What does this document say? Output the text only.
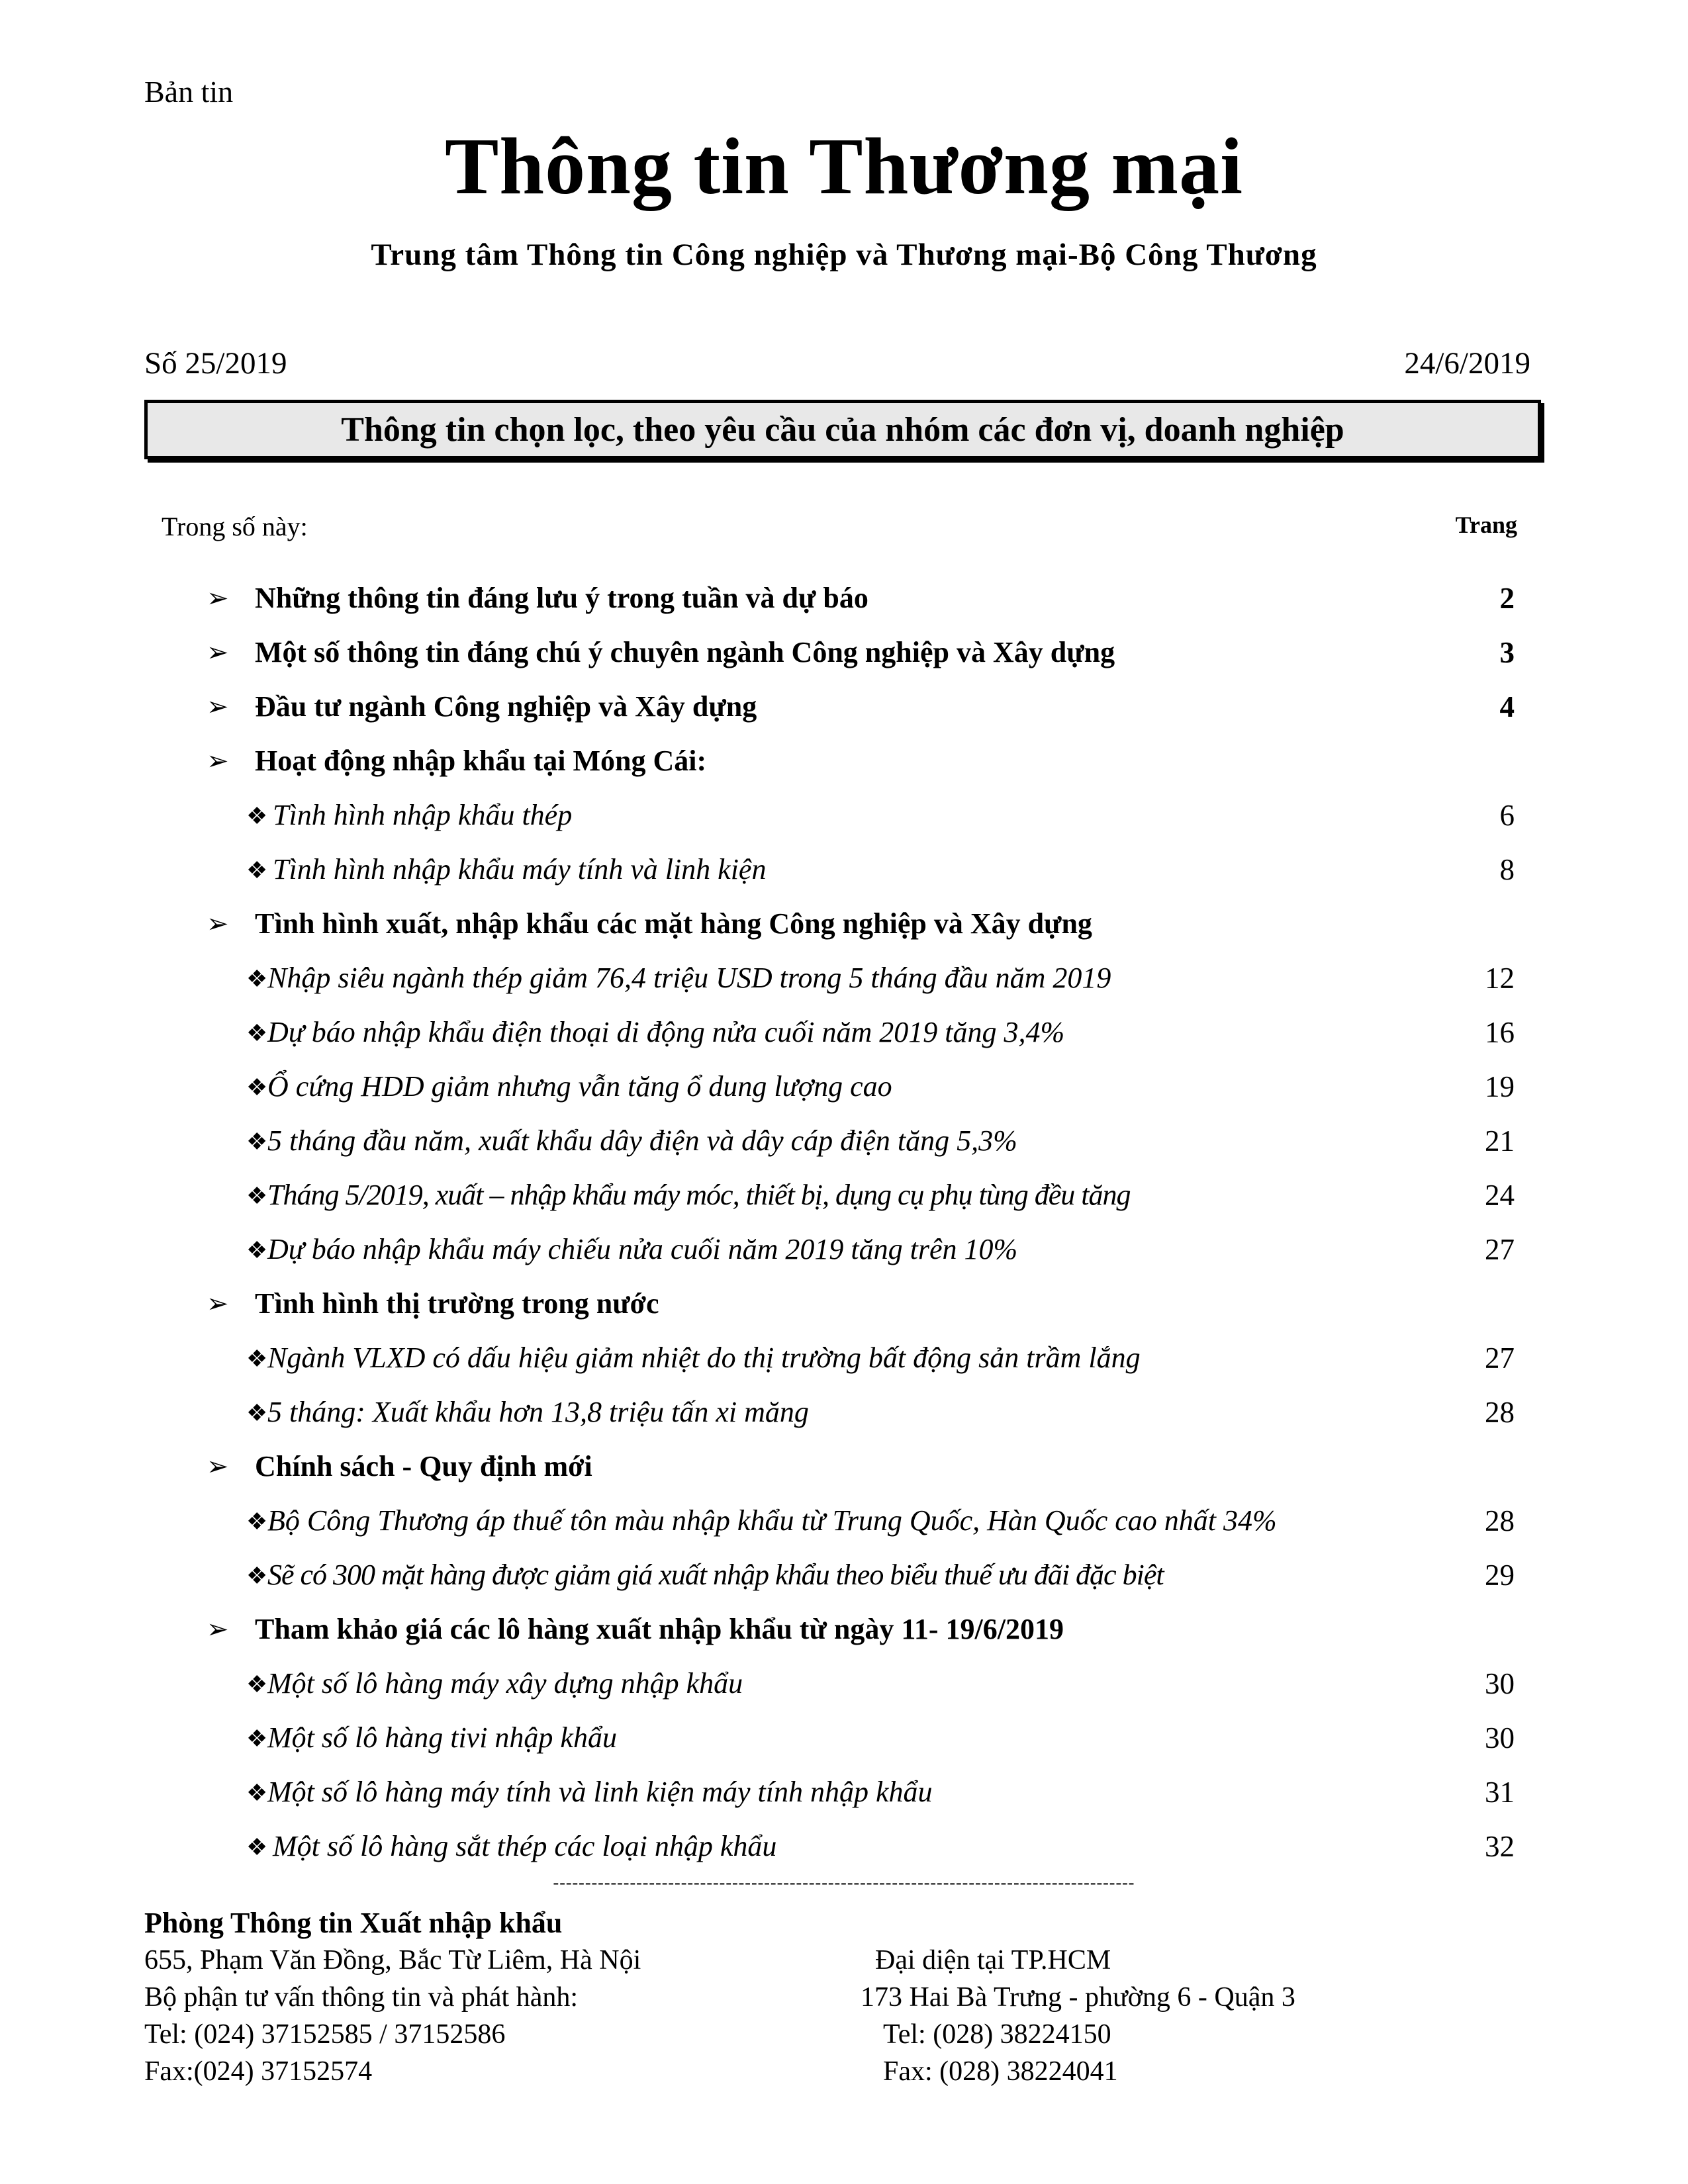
Bản tin
Thông tin Thương mại
Trung tâm Thông tin Công nghiệp và Thương mại-Bộ Công Thương
Số 25/2019	24/6/2019
Thông tin chọn lọc, theo yêu cầu của nhóm các đơn vị, doanh nghiệp
Trong số này:	Trang
➢ Những thông tin đáng lưu ý trong tuần và dự báo	2
➢ Một số thông tin đáng chú ý chuyên ngành Công nghiệp và Xây dựng	3
➢ Đầu tư ngành Công nghiệp và Xây dựng	4
➢ Hoạt động nhập khẩu tại Móng Cái:
❖ Tình hình nhập khẩu thép	6
❖ Tình hình nhập khẩu máy tính và linh kiện	8
➢ Tình hình xuất, nhập khẩu các mặt hàng Công nghiệp và Xây dựng
❖ Nhập siêu ngành thép giảm 76,4 triệu USD trong 5 tháng đầu năm 2019	12
❖ Dự báo nhập khẩu điện thoại di động nửa cuối năm 2019 tăng 3,4%	16
❖ Ổ cứng HDD giảm nhưng vẫn tăng ổ dung lượng cao	19
❖ 5 tháng đầu năm, xuất khẩu dây điện và dây cáp điện tăng 5,3%	21
❖ Tháng 5/2019, xuất – nhập khẩu máy móc, thiết bị, dụng cụ phụ tùng đều tăng	24
❖ Dự báo nhập khẩu máy chiếu nửa cuối năm 2019 tăng trên 10%	27
➢ Tình hình thị trường trong nước
❖ Ngành VLXD có dấu hiệu giảm nhiệt do thị trường bất động sản trầm lắng	27
❖ 5 tháng: Xuất khẩu hơn 13,8 triệu tấn xi măng	28
➢ Chính sách - Quy định mới
❖ Bộ Công Thương áp thuế tôn màu nhập khẩu từ Trung Quốc, Hàn Quốc cao nhất 34%	28
❖ Sẽ có 300 mặt hàng được giảm giá xuất nhập khẩu theo biểu thuế ưu đãi đặc biệt	29
➢ Tham khảo giá các lô hàng xuất nhập khẩu từ ngày 11- 19/6/2019
❖ Một số lô hàng máy xây dựng nhập khẩu	30
❖ Một số lô hàng tivi nhập khẩu	30
❖ Một số lô hàng máy tính và linh kiện máy tính nhập khẩu	31
❖ Một số lô hàng sắt thép các loại nhập khẩu	32
-------------------------------------------------------------------------------------------
Phòng Thông tin Xuất nhập khẩu
655, Phạm Văn Đồng, Bắc Từ Liêm, Hà Nội
Bộ phận tư vấn thông tin và phát hành:
Tel: (024) 37152585 / 37152586
Fax:(024) 37152574
Đại diện tại TP.HCM
173 Hai Bà Trưng - phường 6 - Quận 3
Tel: (028) 38224150
Fax: (028) 38224041
